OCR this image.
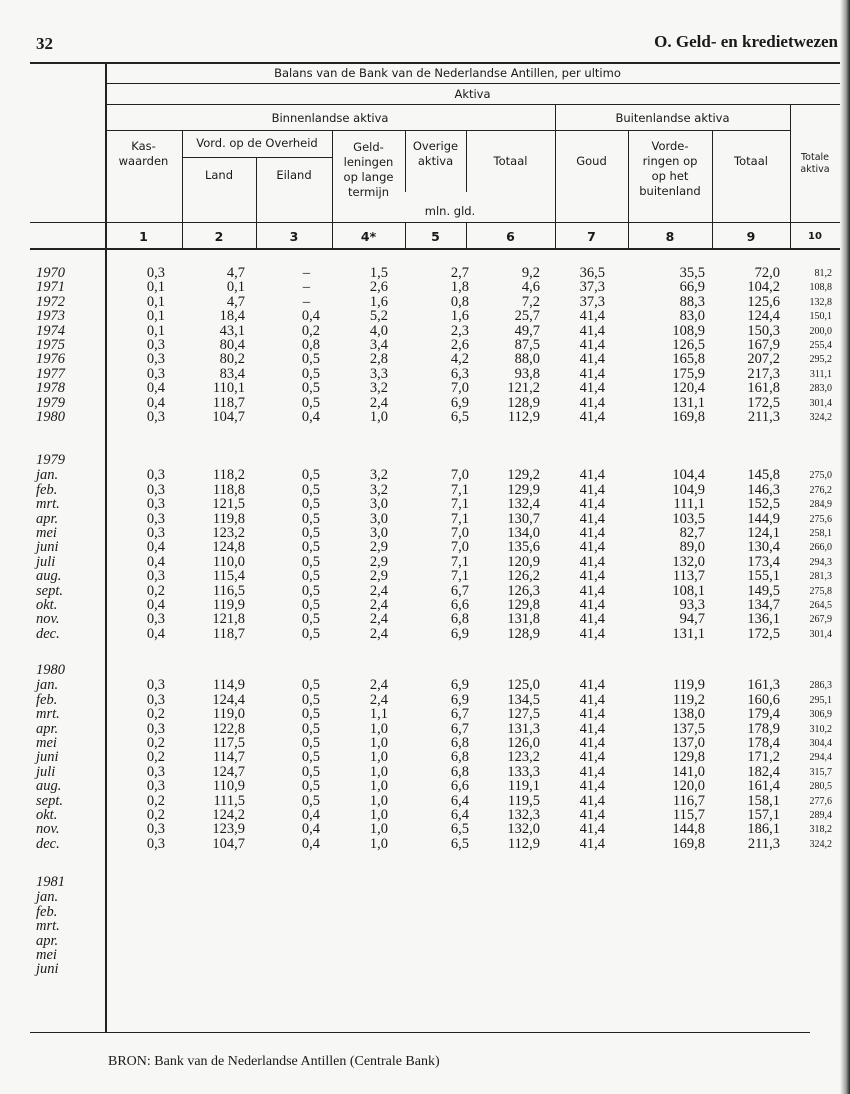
32	O. Geld- en kredietwezen
Balans van de Bank van de Nederlandse Antillen, per ultimo
Aktiva
Binnenlandse aktiva	Buitenlandse aktiva
Kas-
waarden
Vord. op de Overheid
Land	Eiland
Geld-
leningen
op lange
termijn
Overige
aktiva	Totaal	Goud
Vorde-
ringen op
op het
buitenland
Totaal	Totale
aktiva
mln. gld.
1	2	3	4*	5	6	7	8	9	10
1970	0,3	4,7	–	1,5	2,7	9,2	36,5	35,5	72,0	81,2
1971	0,1	0,1	–	2,6	1,8	4,6	37,3	66,9	104,2	108,8
1972	0,1	4,7	–	1,6	0,8	7,2	37,3	88,3	125,6	132,8
1973	0,1	18,4	0,4	5,2	1,6	25,7	41,4	83,0	124,4	150,1
1974	0,1	43,1	0,2	4,0	2,3	49,7	41,4	108,9	150,3	200,0
1975	0,3	80,4	0,8	3,4	2,6	87,5	41,4	126,5	167,9	255,4
1976	0,3	80,2	0,5	2,8	4,2	88,0	41,4	165,8	207,2	295,2
1977	0,3	83,4	0,5	3,3	6,3	93,8	41,4	175,9	217,3	311,1
1978	0,4	110,1	0,5	3,2	7,0	121,2	41,4	120,4	161,8	283,0
1979	0,4	118,7	0,5	2,4	6,9	128,9	41,4	131,1	172,5	301,4
1980	0,3	104,7	0,4	1,0	6,5	112,9	41,4	169,8	211,3	324,2
1979
jan.	0,3	118,2	0,5	3,2	7,0	129,2	41,4	104,4	145,8	275,0
feb.	0,3	118,8	0,5	3,2	7,1	129,9	41,4	104,9	146,3	276,2
mrt.	0,3	121,5	0,5	3,0	7,1	132,4	41,4	111,1	152,5	284,9
apr.	0,3	119,8	0,5	3,0	7,1	130,7	41,4	103,5	144,9	275,6
mei	0,3	123,2	0,5	3,0	7,0	134,0	41,4	82,7	124,1	258,1
juni	0,4	124,8	0,5	2,9	7,0	135,6	41,4	89,0	130,4	266,0
juli	0,4	110,0	0,5	2,9	7,1	120,9	41,4	132,0	173,4	294,3
aug.	0,3	115,4	0,5	2,9	7,1	126,2	41,4	113,7	155,1	281,3
sept.	0,2	116,5	0,5	2,4	6,7	126,3	41,4	108,1	149,5	275,8
okt.	0,4	119,9	0,5	2,4	6,6	129,8	41,4	93,3	134,7	264,5
nov.	0,3	121,8	0,5	2,4	6,8	131,8	41,4	94,7	136,1	267,9
dec.	0,4	118,7	0,5	2,4	6,9	128,9	41,4	131,1	172,5	301,4
1980
jan.	0,3	114,9	0,5	2,4	6,9	125,0	41,4	119,9	161,3	286,3
feb.	0,3	124,4	0,5	2,4	6,9	134,5	41,4	119,2	160,6	295,1
mrt.	0,2	119,0	0,5	1,1	6,7	127,5	41,4	138,0	179,4	306,9
apr.	0,3	122,8	0,5	1,0	6,7	131,3	41,4	137,5	178,9	310,2
mei	0,2	117,5	0,5	1,0	6,8	126,0	41,4	137,0	178,4	304,4
juni	0,2	114,7	0,5	1,0	6,8	123,2	41,4	129,8	171,2	294,4
juli	0,3	124,7	0,5	1,0	6,8	133,3	41,4	141,0	182,4	315,7
aug.	0,3	110,9	0,5	1,0	6,6	119,1	41,4	120,0	161,4	280,5
sept.	0,2	111,5	0,5	1,0	6,4	119,5	41,4	116,7	158,1	277,6
okt.	0,2	124,2	0,4	1,0	6,4	132,3	41,4	115,7	157,1	289,4
nov.	0,3	123,9	0,4	1,0	6,5	132,0	41,4	144,8	186,1	318,2
dec.	0,3	104,7	0,4	1,0	6,5	112,9	41,4	169,8	211,3	324,2
1981
jan.
feb.
mrt.
apr.
mei
juni
BRON: Bank van de Nederlandse Antillen (Centrale Bank)
